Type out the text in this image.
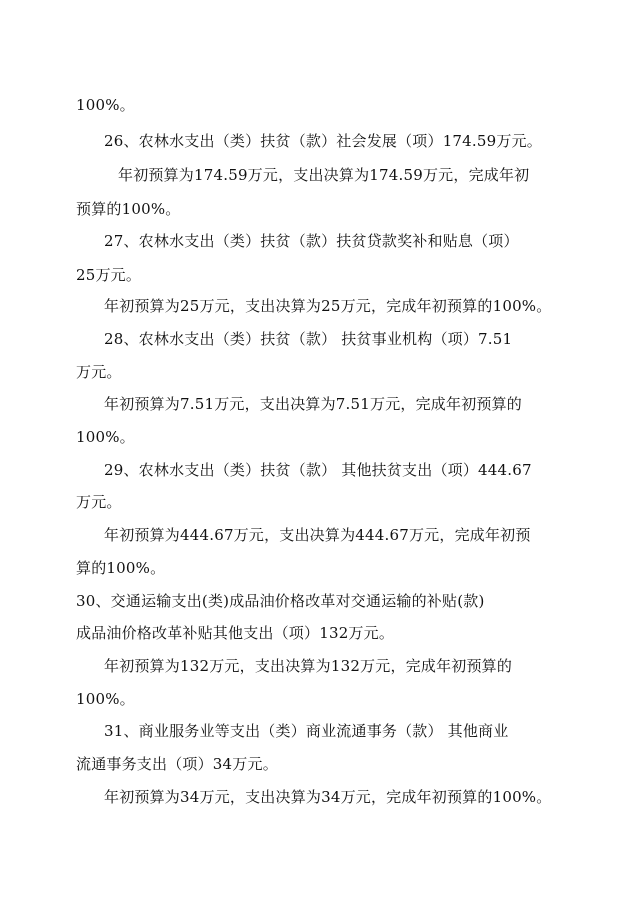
100%。
26、农林水支出（类）扶贫（款）社会发展（项）174.59万元。
年初预算为174.59万元，支出决算为174.59万元，完成年初
预算的100%。
27、农林水支出（类）扶贫（款）扶贫贷款奖补和贴息（项）
25万元。
年初预算为25万元，支出决算为25万元，完成年初预算的100%。
28、农林水支出（类）扶贫（款） 扶贫事业机构（项）7.51
万元。
年初预算为7.51万元，支出决算为7.51万元，完成年初预算的
100%。
29、农林水支出（类）扶贫（款） 其他扶贫支出（项）444.67
万元。
年初预算为444.67万元，支出决算为444.67万元，完成年初预
算的100%。
30、交通运输支出(类)成品油价格改革对交通运输的补贴(款)
成品油价格改革补贴其他支出（项）132万元。
年初预算为132万元，支出决算为132万元，完成年初预算的
100%。
31、商业服务业等支出（类）商业流通事务（款） 其他商业
流通事务支出（项）34万元。
年初预算为34万元，支出决算为34万元，完成年初预算的100%。
